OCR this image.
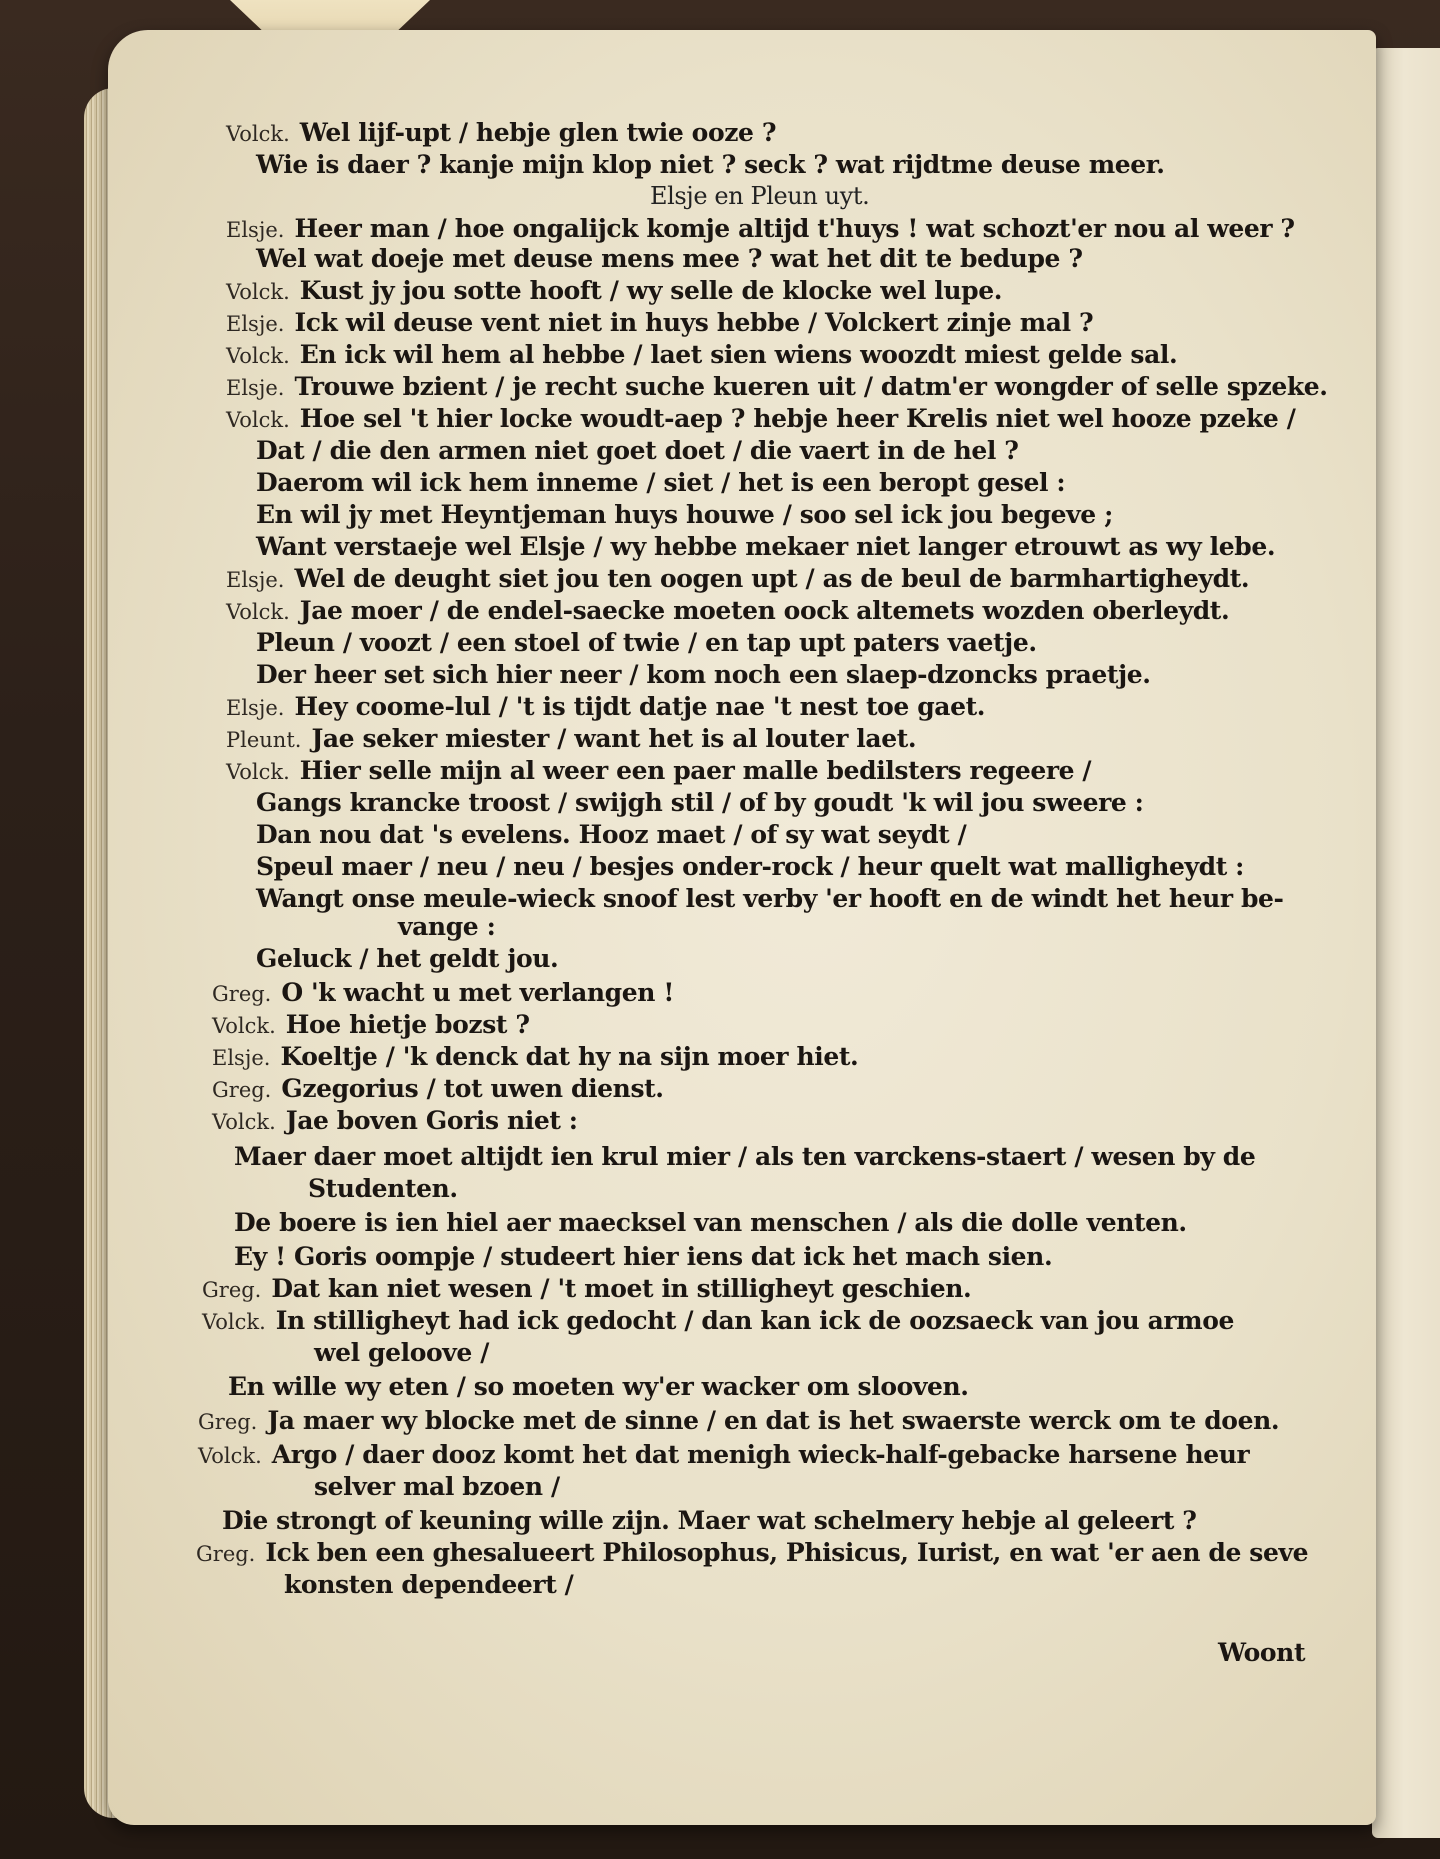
Volck. Wel lijf-upt / hebje glen twie ooze ?
Wie is daer ? kanje mijn klop niet ? seck ? wat rijdtme deuse meer.
Elsje en Pleun uyt.
Elsje. Heer man / hoe ongalijck komje altijd t'huys ! wat schozt'er nou al weer ?
Wel wat doeje met deuse mens mee ? wat het dit te bedupe ?
Volck. Kust jy jou sotte hooft / wy selle de klocke wel lupe.
Elsje. Ick wil deuse vent niet in huys hebbe / Volckert zinje mal ?
Volck. En ick wil hem al hebbe / laet sien wiens woozdt miest gelde sal.
Elsje. Trouwe bzient / je recht suche kueren uit / datm'er wongder of selle spzeke.
Volck. Hoe sel 't hier locke woudt-aep ? hebje heer Krelis niet wel hooze pzeke /
Dat / die den armen niet goet doet / die vaert in de hel ?
Daerom wil ick hem inneme / siet / het is een beropt gesel :
En wil jy met Heyntjeman huys houwe / soo sel ick jou begeve ;
Want verstaeje wel Elsje / wy hebbe mekaer niet langer etrouwt as wy lebe.
Elsje. Wel de deught siet jou ten oogen upt / as de beul de barmhartigheydt.
Volck. Jae moer / de endel-saecke moeten oock altemets wozden oberleydt.
Pleun / voozt / een stoel of twie / en tap upt paters vaetje.
Der heer set sich hier neer / kom noch een slaep-dzoncks praetje.
Elsje. Hey coome-lul / 't is tijdt datje nae 't nest toe gaet.
Pleunt. Jae seker miester / want het is al louter laet.
Volck. Hier selle mijn al weer een paer malle bedilsters regeere /
Gangs krancke troost / swijgh stil / of by goudt 'k wil jou sweere :
Dan nou dat 's evelens. Hooz maet / of sy wat seydt /
Speul maer / neu / neu / besjes onder-rock / heur quelt wat malligheydt :
Wangt onse meule-wieck snoof lest verby 'er hooft en de windt het heur be-
vange :
Geluck / het geldt jou.
Greg. O 'k wacht u met verlangen !
Volck. Hoe hietje bozst ?
Elsje. Koeltje / 'k denck dat hy na sijn moer hiet.
Greg. Gzegorius / tot uwen dienst.
Volck. Jae boven Goris niet :
Maer daer moet altijdt ien krul mier / als ten varckens-staert / wesen by de
Studenten.
De boere is ien hiel aer maecksel van menschen / als die dolle venten.
Ey ! Goris oompje / studeert hier iens dat ick het mach sien.
Greg. Dat kan niet wesen / 't moet in stilligheyt geschien.
Volck. In stilligheyt had ick gedocht / dan kan ick de oozsaeck van jou armoe
wel geloove /
En wille wy eten / so moeten wy'er wacker om slooven.
Greg. Ja maer wy blocke met de sinne / en dat is het swaerste werck om te doen.
Volck. Argo / daer dooz komt het dat menigh wieck-half-gebacke harsene heur
selver mal bzoen /
Die strongt of keuning wille zijn. Maer wat schelmery hebje al geleert ?
Greg. Ick ben een ghesalueert Philosophus, Phisicus, Iurist, en wat 'er aen de seve
konsten dependeert /
Woont
